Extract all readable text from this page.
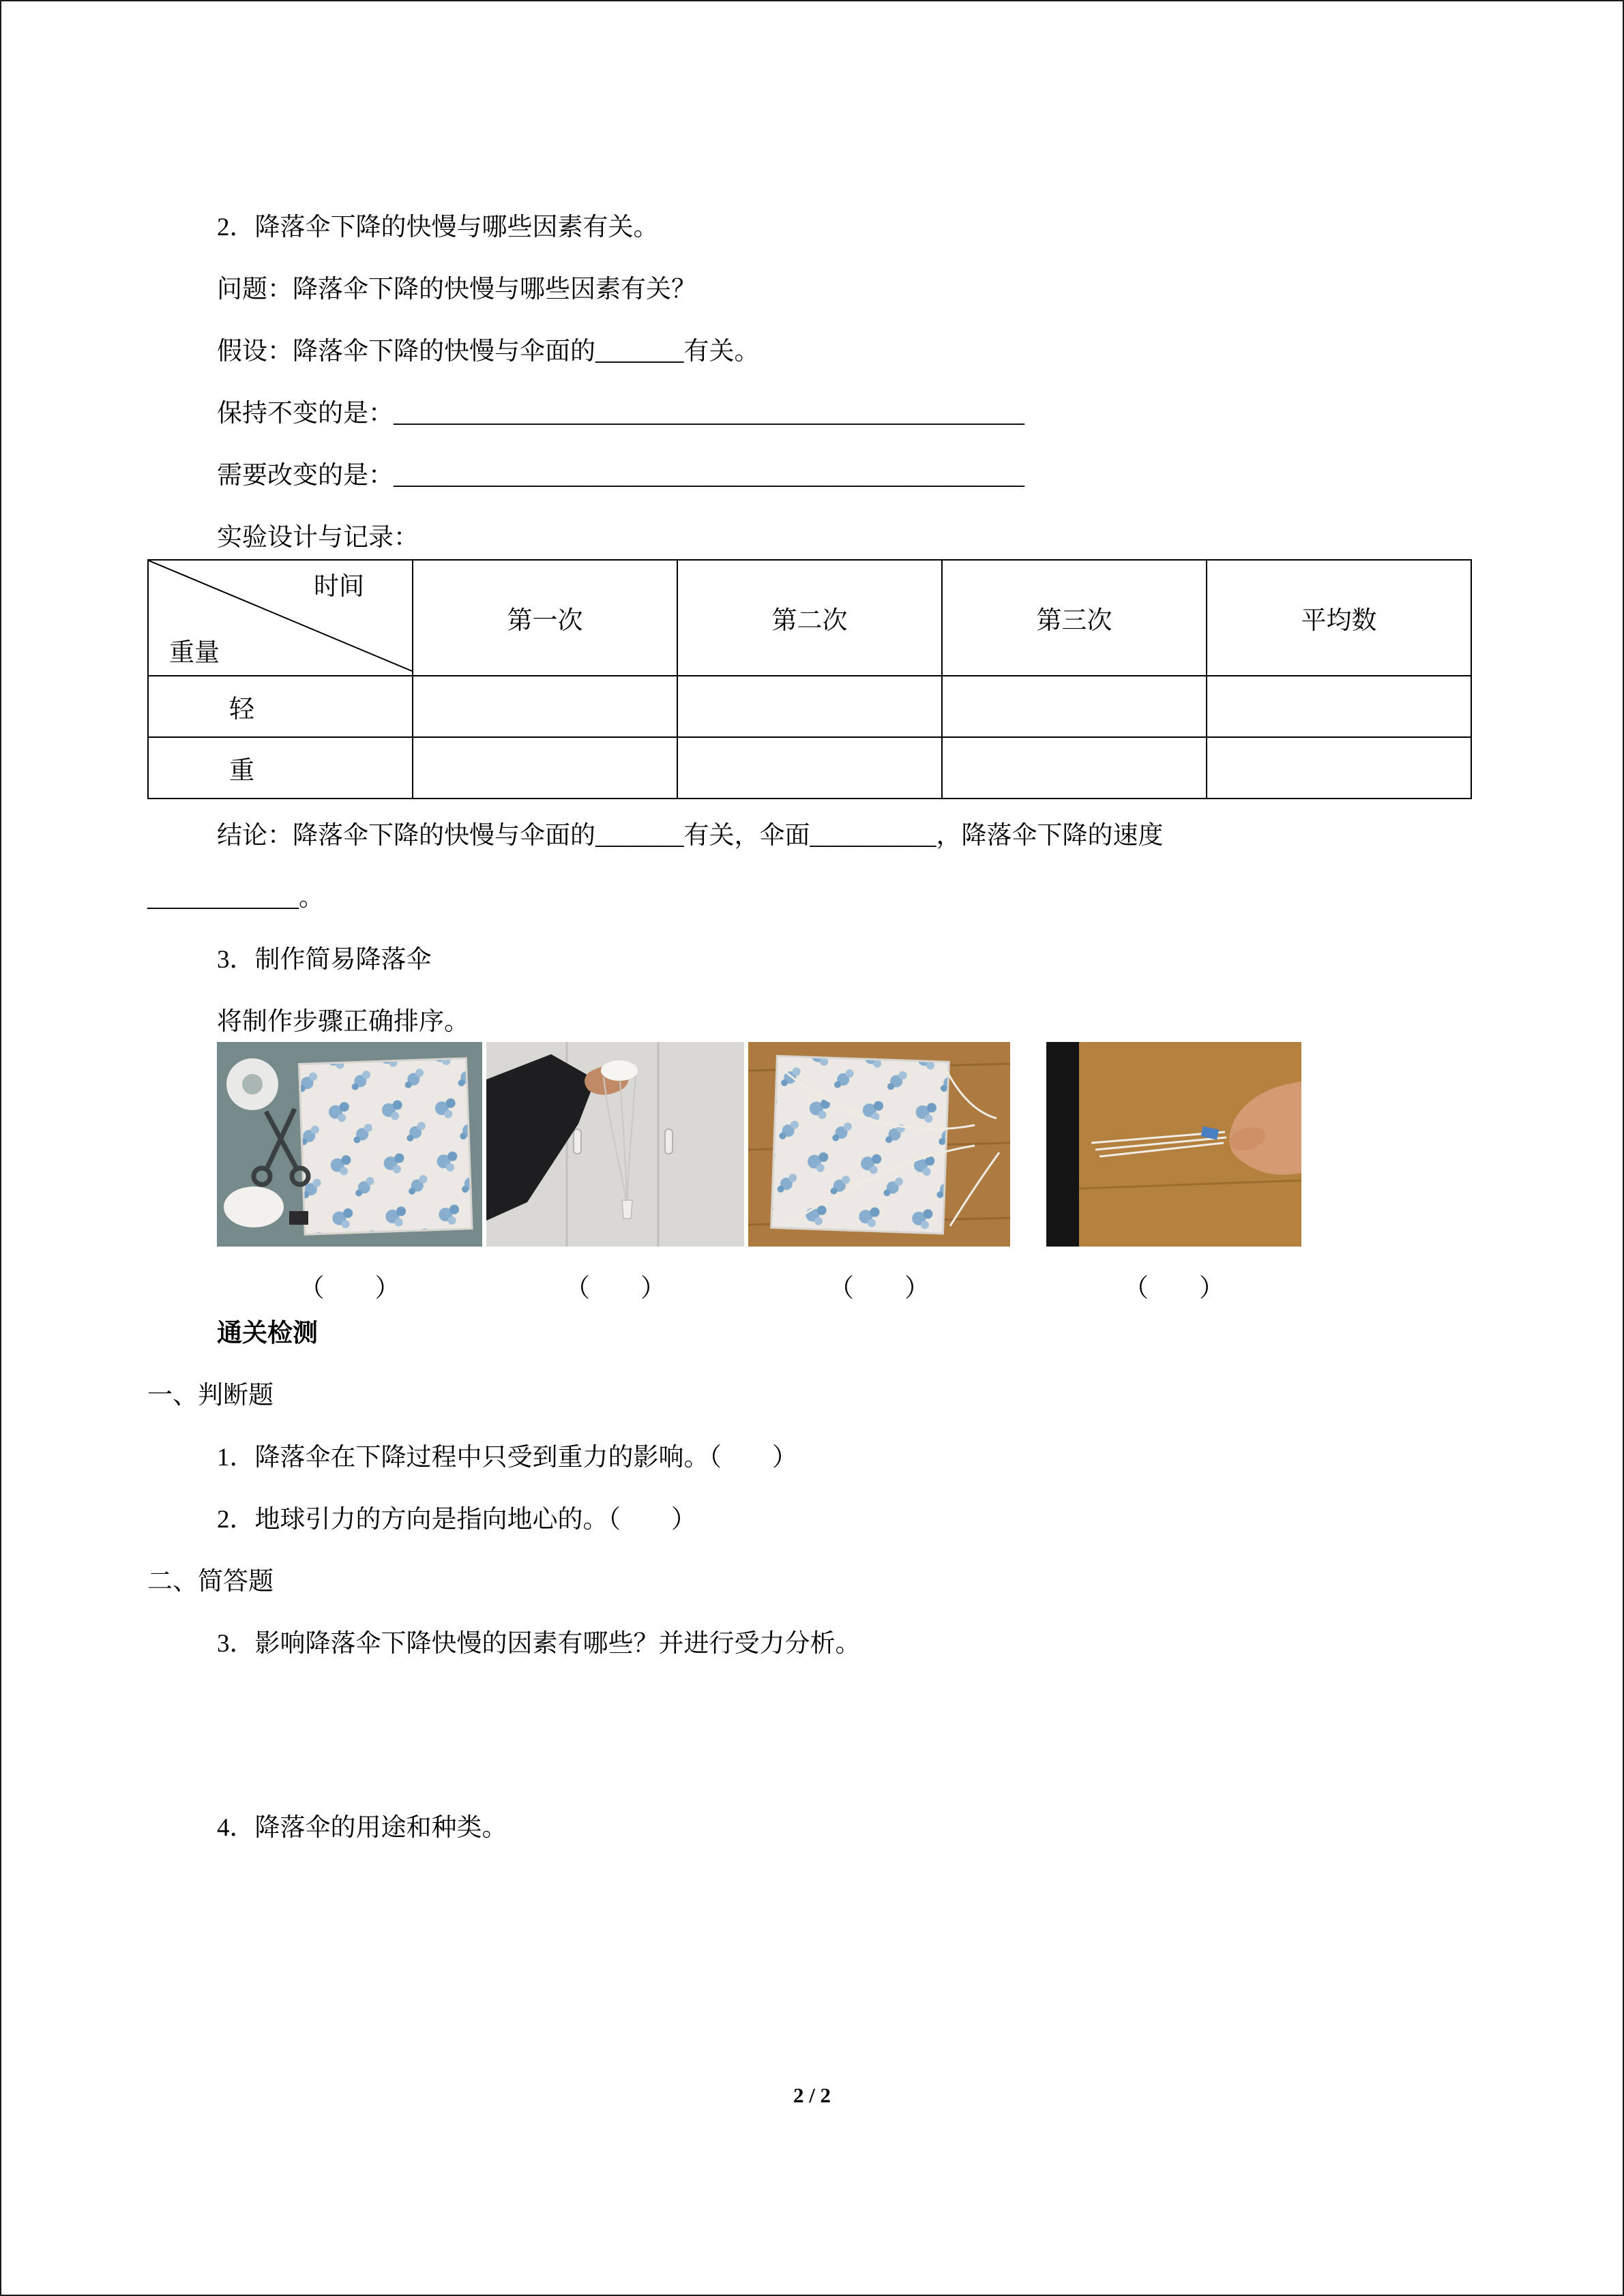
2．降落伞下降的快慢与哪些因素有关。

问题：降落伞下降的快慢与哪些因素有关？

假设：降落伞下降的快慢与伞面的_______有关。

保持不变的是：__________________________________________________

需要改变的是：__________________________________________________

实验设计与记录：

时间
重量	第一次	第二次	第三次	平均数
轻				
重				

结论：降落伞下降的快慢与伞面的_______有关，伞面__________，降落伞下降的速度

____________。

3．制作简易降落伞

将制作步骤正确排序。

（　　）	（　　）	（　　）	（　　）

通关检测

一、判断题

1．降落伞在下降过程中只受到重力的影响。（　　）

2．地球引力的方向是指向地心的。（　　）

二、简答题

3．影响降落伞下降快慢的因素有哪些？并进行受力分析。

4．降落伞的用途和种类。

2 / 2
